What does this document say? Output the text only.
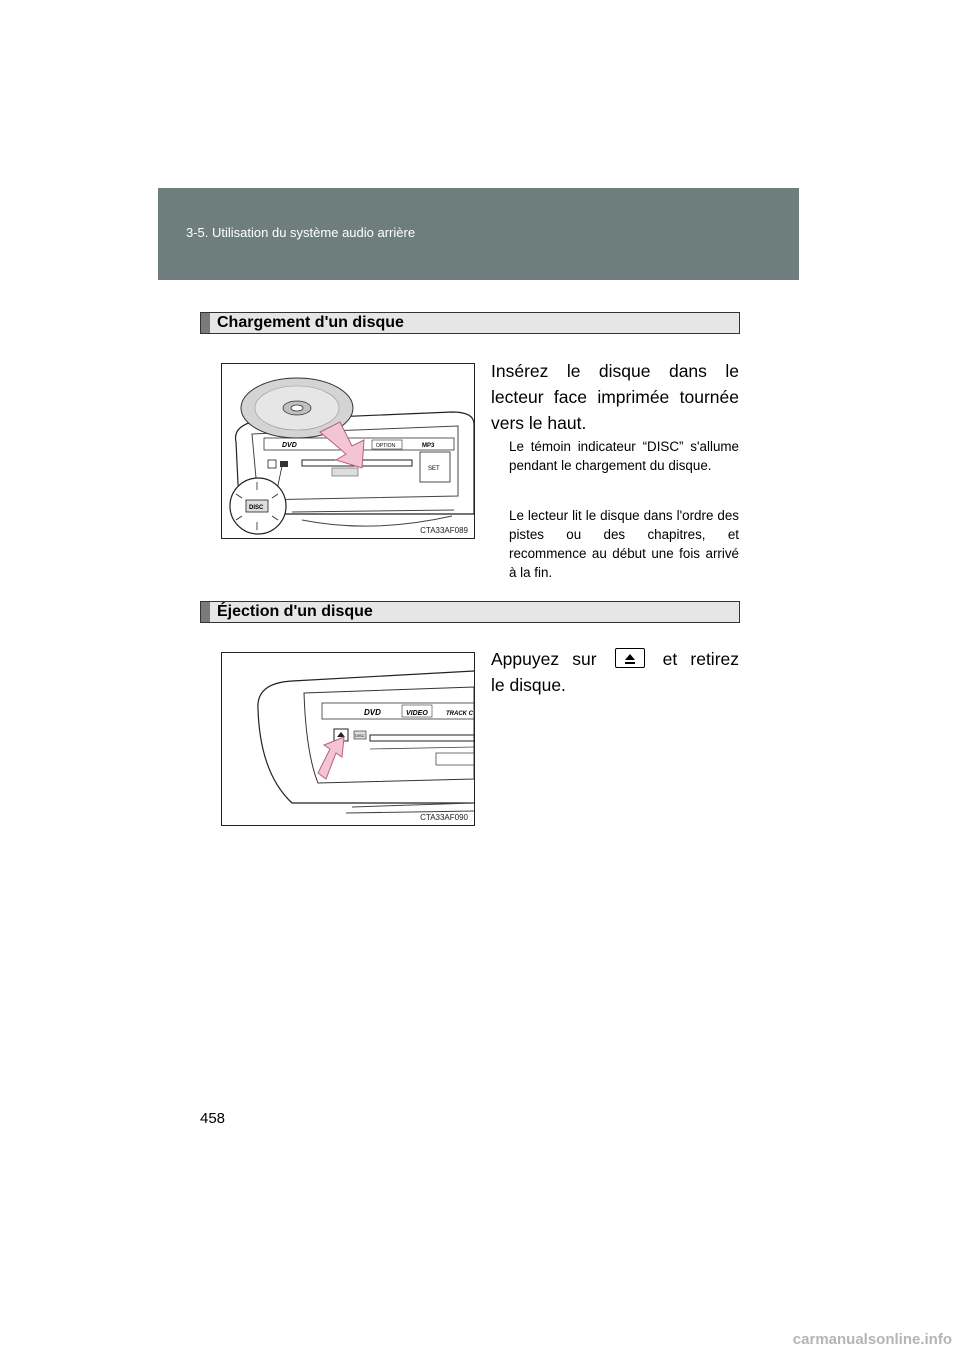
3-5. Utilisation du système audio arrière
Chargement d'un disque
DVD	OPTION	MP3
SET
DISC
CTA33AF089
Insérez le disque dans le lecteur face imprimée tournée vers le haut.
Le témoin indicateur “DISC” s'allume pendant le chargement du disque.
Le lecteur lit le disque dans l'ordre des pistes ou des chapitres, et recommence au début une fois arrivé à la fin.
Éjection d'un disque
DVD	VIDEO	TRACK C
DISC
CTA33AF090
Appuyez sur	et retirez le disque.
458
carmanualsonline.info
